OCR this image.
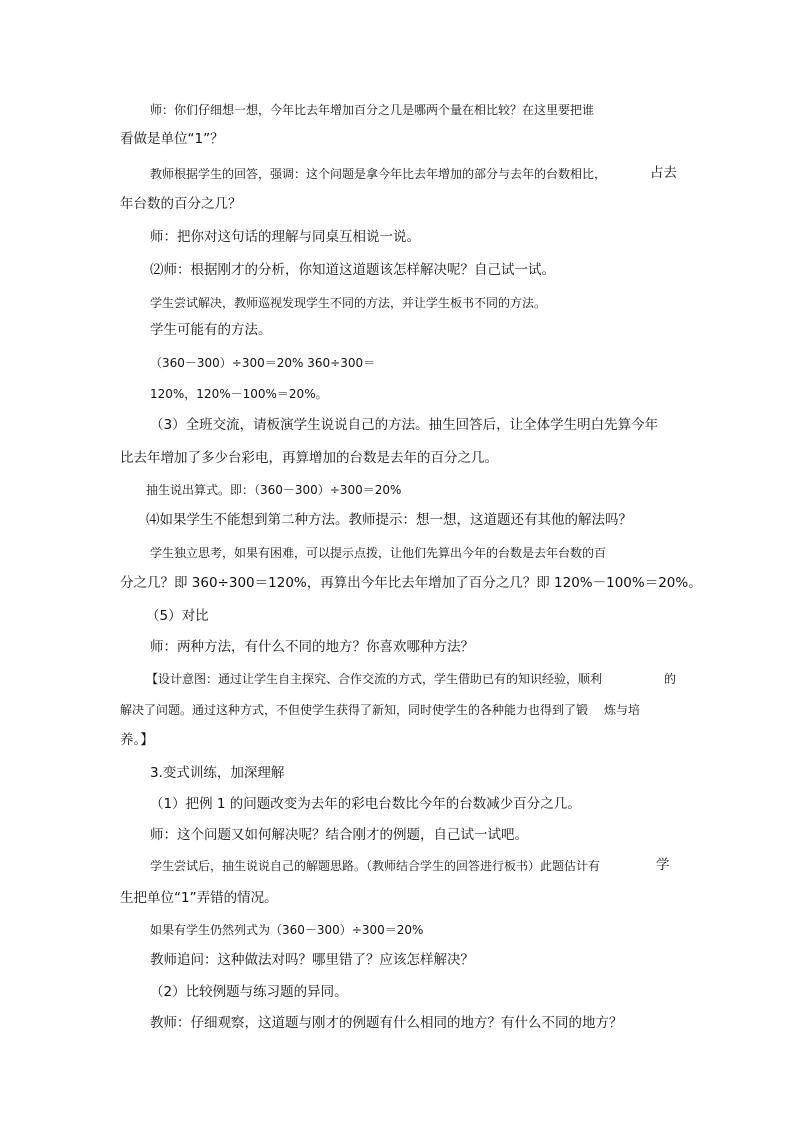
师：你们仔细想一想，今年比去年增加百分之几是哪两个量在相比较？在这里要把谁
看做是单位“1”？
教师根据学生的回答，强调：这个问题是拿今年比去年增加的部分与去年的台数相比，	占去
年台数的百分之几？
师：把你对这句话的理解与同桌互相说一说。
⑵师：根据刚才的分析，你知道这道题该怎样解决呢？自己试一试。
学生尝试解决，教师巡视发现学生不同的方法，并让学生板书不同的方法。
学生可能有的方法。
（360－300）÷300＝20% 360÷300＝
120%，120%－100%＝20%。
（3）全班交流，请板演学生说说自己的方法。抽生回答后，让全体学生明白先算今年
比去年增加了多少台彩电，再算增加的台数是去年的百分之几。
抽生说出算式。即：（360－300）÷300＝20%
⑷如果学生不能想到第二种方法。教师提示：想一想，这道题还有其他的解法吗？
学生独立思考，如果有困难，可以提示点拨，让他们先算出今年的台数是去年台数的百
分之几？即 360÷300＝120%，再算出今年比去年增加了百分之几？即 120%－100%＝20%。
（5）对比
师：两种方法，有什么不同的地方？你喜欢哪种方法？
【设计意图：通过让学生自主探究、合作交流的方式，学生借助已有的知识经验，顺利	的
解决了问题。通过这种方式，不但使学生获得了新知，同时使学生的各种能力也得到了锻 炼与培
养。】
3.变式训练，加深理解
（1）把例 1 的问题改变为去年的彩电台数比今年的台数减少百分之几。
师：这个问题又如何解决呢？结合刚才的例题，自己试一试吧。
学生尝试后，抽生说说自己的解题思路。（教师结合学生的回答进行板书）此题估计有	学
生把单位“1”弄错的情况。
如果有学生仍然列式为（360－300）÷300＝20%
教师追问：这种做法对吗？哪里错了？应该怎样解决？
（2）比较例题与练习题的异同。
教师：仔细观察，这道题与刚才的例题有什么相同的地方？有什么不同的地方？
